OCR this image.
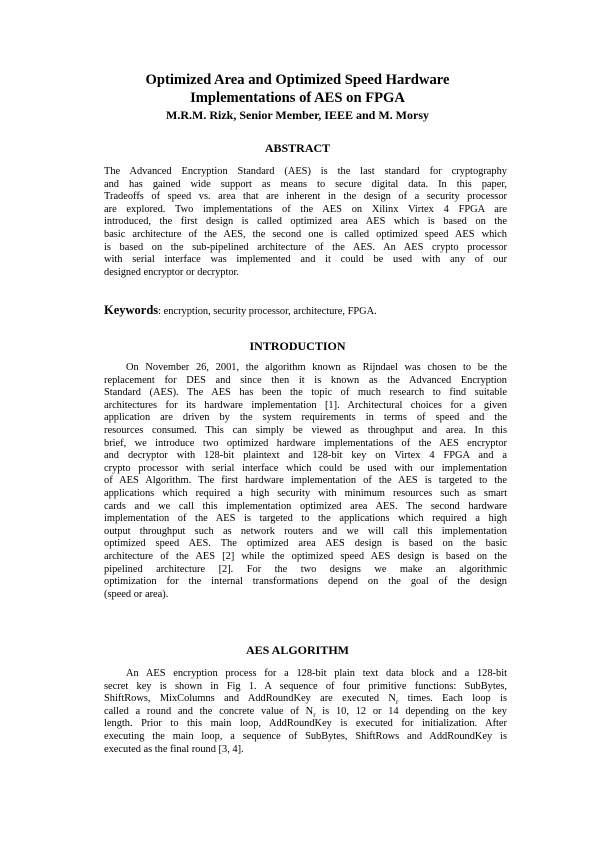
Optimized Area and Optimized Speed Hardware
Implementations of AES on FPGA
M.R.M. Rizk, Senior Member, IEEE and M. Morsy
ABSTRACT
The Advanced Encryption Standard (AES) is the last standard for cryptography
and has gained wide support as means to secure digital data. In this paper,
Tradeoffs of speed vs. area that are inherent in the design of a security processor
are explored. Two implementations of the AES on Xilinx Virtex 4 FPGA are
introduced, the first design is called optimized area AES which is based on the
basic architecture of the AES, the second one is called optimized speed AES which
is based on the sub-pipelined architecture of the AES. An AES crypto processor
with serial interface was implemented and it could be used with any of our
designed encryptor or decryptor.
Keywords: encryption, security processor, architecture, FPGA.
INTRODUCTION
On November 26, 2001, the algorithm known as Rijndael was chosen to be the
replacement for DES and since then it is known as the Advanced Encryption
Standard (AES). The AES has been the topic of much research to find suitable
architectures for its hardware implementation [1]. Architectural choices for a given
application are driven by the system requirements in terms of speed and the
resources consumed. This can simply be viewed as throughput and area. In this
brief, we introduce two optimized hardware implementations of the AES encryptor
and decryptor with 128-bit plaintext and 128-bit key on Virtex 4 FPGA and a
crypto processor with serial interface which could be used with our implementation
of AES Algorithm. The first hardware implementation of the AES is targeted to the
applications which required a high security with minimum resources such as smart
cards and we call this implementation optimized area AES. The second hardware
implementation of the AES is targeted to the applications which required a high
output throughput such as network routers and we will call this implementation
optimized speed AES. The optimized area AES design is based on the basic
architecture of the AES [2] while the optimized speed AES design is based on the
pipelined architecture [2]. For the two designs we make an algorithmic
optimization for the internal transformations depend on the goal of the design
(speed or area).
AES ALGORITHM
An AES encryption process for a 128-bit plain text data block and a 128-bit
secret key is shown in Fig 1. A sequence of four primitive functions: SubBytes,
ShiftRows, MixColumns and AddRoundKey are executed $N_r$ times. Each loop is
called a round and the concrete value of $N_r$ is 10, 12 or 14 depending on the key
length. Prior to this main loop, AddRoundKey is executed for initialization. After
executing the main loop, a sequence of SubBytes, ShiftRows and AddRoundKey is
executed as the final round [3, 4].
